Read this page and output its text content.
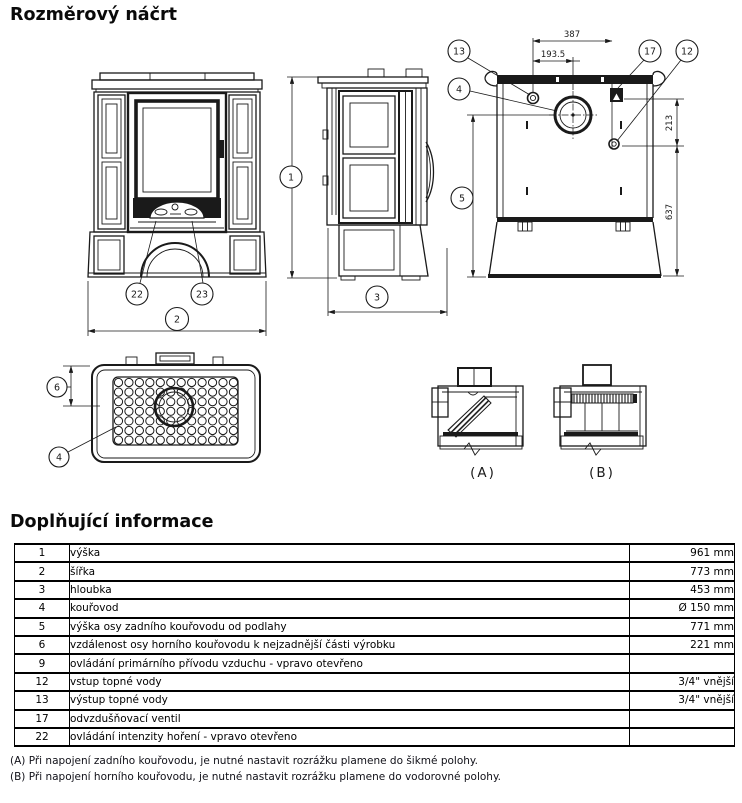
Rozměrový náčrt
22	23
2
1
3
387
193.5
213
637
5
13
4
17	12
6
4
(A)	(B)
Doplňující informace
1	výška	961 mm
2	šířka	773 mm
3	hloubka	453 mm
4	kouřovod	Ø 150 mm
5	výška osy zadního kouřovodu od podlahy	771 mm
6	vzdálenost osy horního kouřovodu k nejzadnější části výrobku	221 mm
9	ovládání primárního přívodu vzduchu - vpravo otevřeno	
12	vstup topné vody	3/4" vnější
13	výstup topné vody	3/4" vnější
17	odvzdušňovací ventil	
22	ovládání intenzity hoření - vpravo otevřeno	
(A) Při napojení zadního kouřovodu, je nutné nastavit rozrážku plamene do šikmé polohy.
(B) Při napojení horního kouřovodu, je nutné nastavit rozrážku plamene do vodorovné polohy.
